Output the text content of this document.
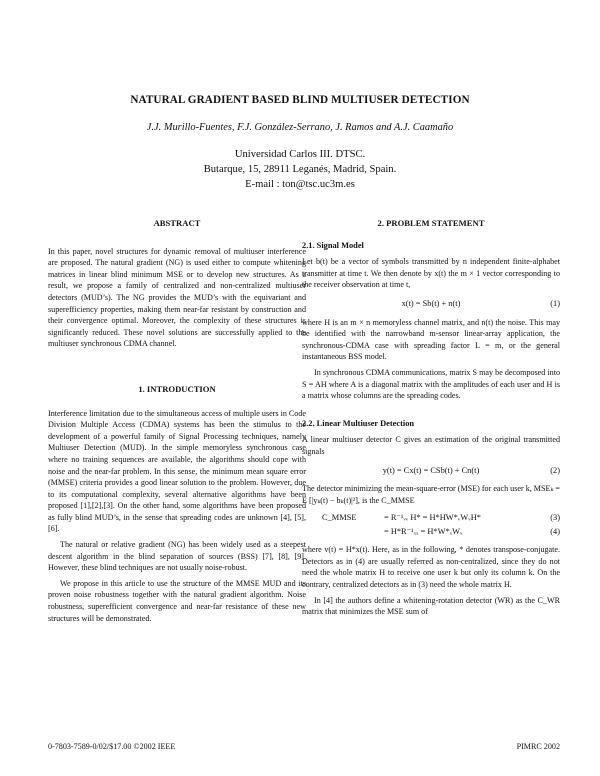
NATURAL GRADIENT BASED BLIND MULTIUSER DETECTION
J.J. Murillo-Fuentes, F.J. González-Serrano, J. Ramos and A.J. Caamaño
Universidad Carlos III. DTSC.
Butarque, 15, 28911 Leganés, Madrid, Spain.
E-mail : ton@tsc.uc3m.es
ABSTRACT

In this paper, novel structures for dynamic removal of multiuser interference are proposed. The natural gradient (NG) is used either to compute whitening matrices in linear blind minimum MSE or to develop new structures. As a result, we propose a family of centralized and non-centralized multiuser detectors (MUD’s). The NG provides the MUD’s with the equivariant and superefficiency properties, making them near-far resistant by construction and their convergence optimal. Moreover, the complexity of these structures is significantly reduced. These novel solutions are successfully applied to the multiuser synchronous CDMA channel.

1. INTRODUCTION

Interference limitation due to the simultaneous access of multiple users in Code Division Multiple Access (CDMA) systems has been the stimulus to the development of a powerful family of Signal Processing techniques, namely Multiuser Detection (MUD). In the simple memoryless synchronous case where no training sequences are available, the algorithms should cope with noise and the near-far problem. In this sense, the minimum mean square error (MMSE) criteria provides a good linear solution to the problem. However, due to its computational complexity, several alternative algorithms have been proposed [1],[2],[3]. On the other hand, some algorithms have been proposed as fully blind MUD’s, in the sense that spreading codes are unknown [4], [5], [6].

The natural or relative gradient (NG) has been widely used as a steepest descent algorithm in the blind separation of sources (BSS) [7], [8], [9]. However, these blind techniques are not usually noise-robust.

We propose in this article to use the structure of the MMSE MUD and its proven noise robustness together with the natural gradient algorithm. Noise robustness, superefficient convergence and near-far resistance of these new structures will be demonstrated.

2. PROBLEM STATEMENT
2.1. Signal Model

Let b(t) be a vector of symbols transmitted by n independent finite-alphabet transmitter at time t. We then denote by x(t) the m × 1 vector corresponding to the receiver observation at time t,

x(t) = Sb(t) + n(t)	(1)

where H is an m × n memoryless channel matrix, and n(t) the noise. This may be identified with the narrowband m-sensor linear-array application, the synchronous-CDMA case with spreading factor L = m, or the general instantaneous BSS model.

In synchronous CDMA communications, matrix S may be decomposed into S = AH where A is a diagonal matrix with the amplitudes of each user and H is a matrix whose columns are the spreading codes.

2.2. Linear Multiuser Detection

A linear multiuser detector C gives an estimation of the original transmitted signals

y(t) = Cx(t) = CSb(t) + Cn(t)	(2)

The detector minimizing the mean-square-error (MSE) for each user k, MSEₖ = E [|yₖ(t) − bₖ(t)|²], is the C_MMSE

C_MMSE	= R⁻¹ᵥᵥ H* = H*HW*ᵥWᵥH*	(3)
= H*R⁻¹ₓₓ = H*W*ₓWₓ	(4)

where v(t) = H*x(t). Here, as in the following, * denotes transpose-conjugate. Detectors as in (4) are usually referred as non-centralized, since they do not need the whole matrix H to receive one user k but only its column k. On the contrary, centralized detectors as in (3) need the whole matrix H.

In [4] the authors define a whitening-rotation detector (WR) as the C_WR matrix that minimizes the MSE sum of

0-7803-7589-0/02/$17.00 ©2002 IEEE	PIMRC 2002
